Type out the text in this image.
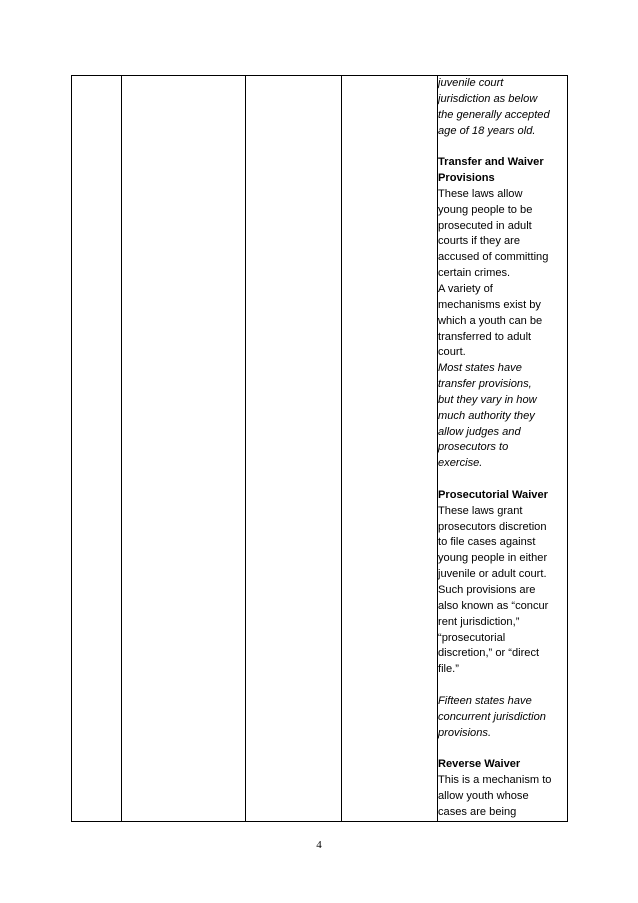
juvenile court
jurisdiction as below
the generally accepted
age of 18 years old.
Transfer and Waiver
Provisions
These laws allow
young people to be
prosecuted in adult
courts if they are
accused of committing
certain crimes.
A variety of
mechanisms exist by
which a youth can be
transferred to adult
court.
Most states have
transfer provisions,
but they vary in how
much authority they
allow judges and
prosecutors to
exercise.
Prosecutorial Waiver
These laws grant
prosecutors discretion
to file cases against
young people in either
juvenile or adult court.
Such provisions are
also known as “concur
rent jurisdiction,”
“prosecutorial
discretion,” or “direct
file.”
Fifteen states have
concurrent jurisdiction
provisions.
Reverse Waiver
This is a mechanism to
allow youth whose
cases are being
4
